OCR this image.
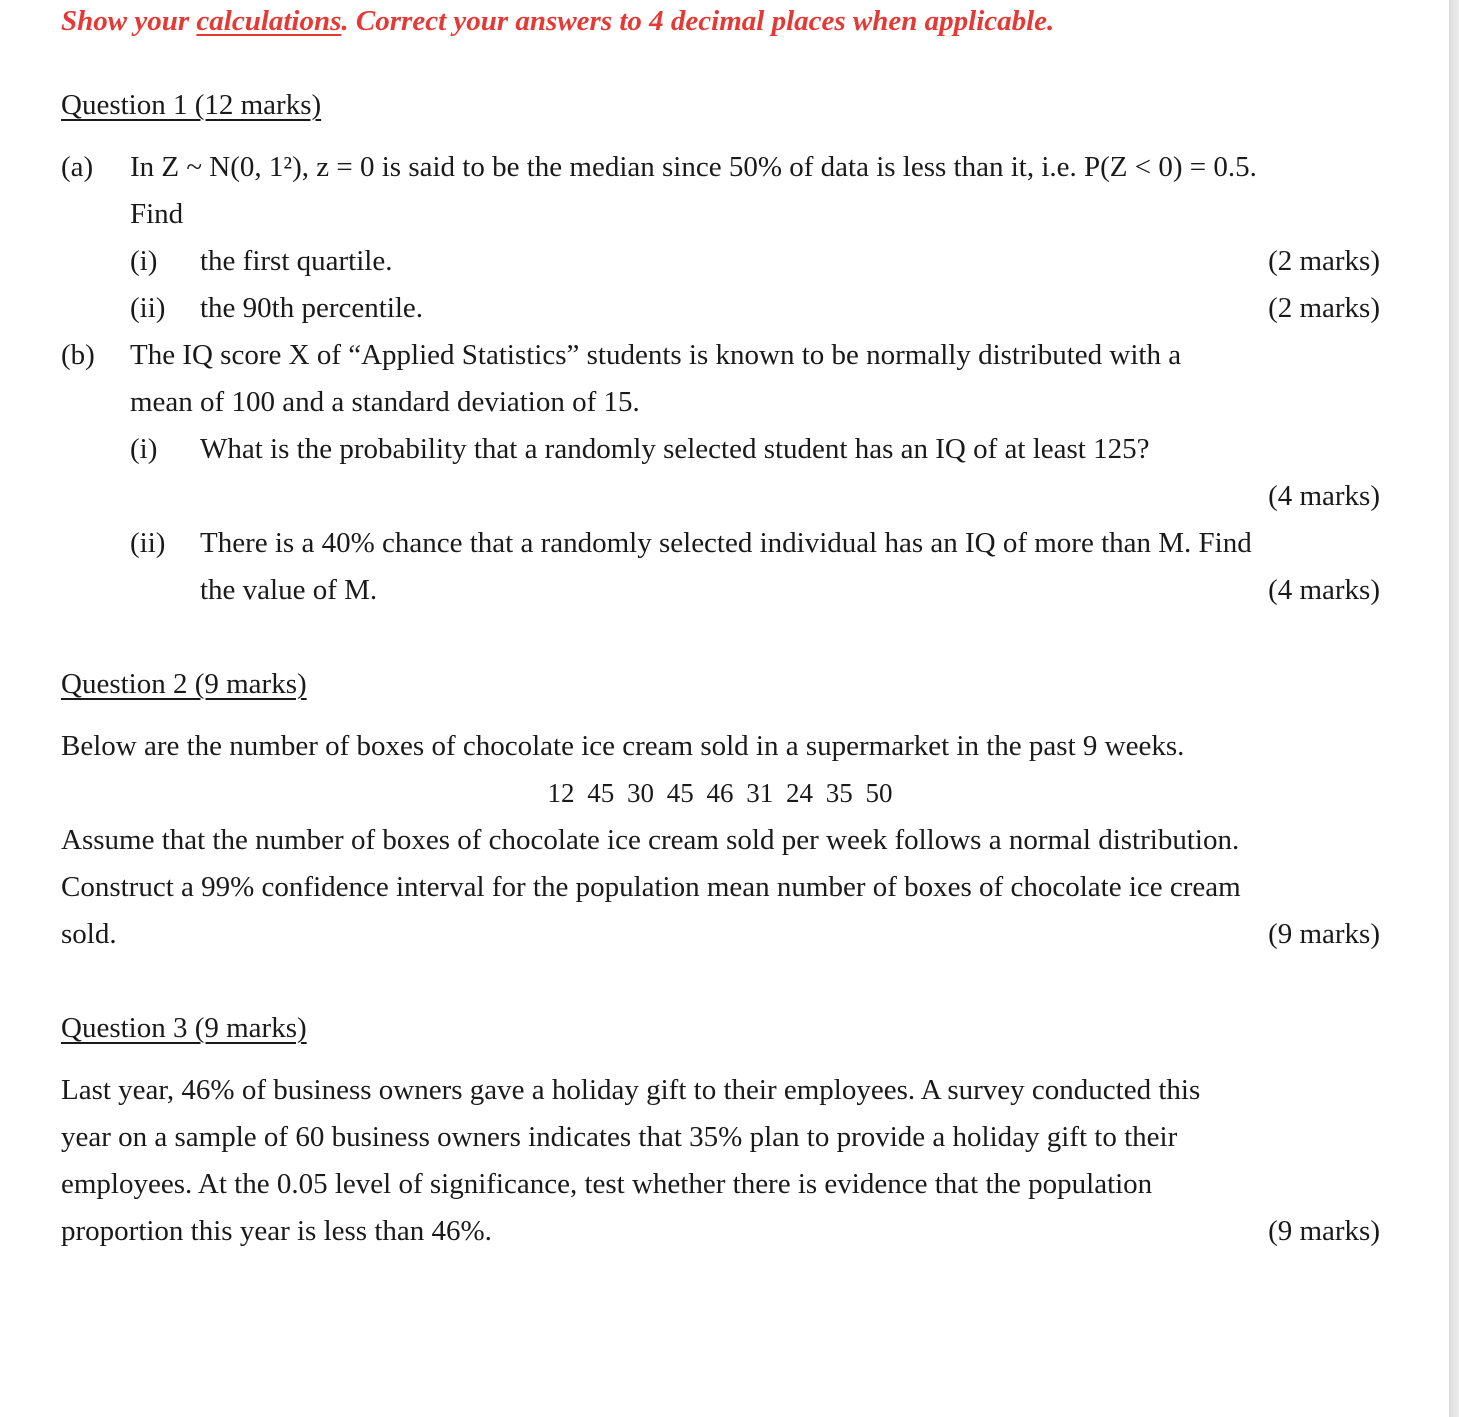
Show your calculations. Correct your answers to 4 decimal places when applicable.
Question 1 (12 marks)
(a) In Z ~ N(0, 1²), z = 0 is said to be the median since 50% of data is less than it, i.e. P(Z < 0) = 0.5.
Find
(i) the first quartile.	(2 marks)
(ii) the 90th percentile.	(2 marks)
(b) The IQ score X of “Applied Statistics” students is known to be normally distributed with a
mean of 100 and a standard deviation of 15.
(i) What is the probability that a randomly selected student has an IQ of at least 125?
(4 marks)
(ii) There is a 40% chance that a randomly selected individual has an IQ of more than M. Find
the value of M.	(4 marks)
Question 2 (9 marks)
Below are the number of boxes of chocolate ice cream sold in a supermarket in the past 9 weeks.
12 45 30 45 46 31 24 35 50
Assume that the number of boxes of chocolate ice cream sold per week follows a normal distribution.
Construct a 99% confidence interval for the population mean number of boxes of chocolate ice cream
sold.	(9 marks)
Question 3 (9 marks)
Last year, 46% of business owners gave a holiday gift to their employees. A survey conducted this
year on a sample of 60 business owners indicates that 35% plan to provide a holiday gift to their
employees. At the 0.05 level of significance, test whether there is evidence that the population
proportion this year is less than 46%.	(9 marks)
